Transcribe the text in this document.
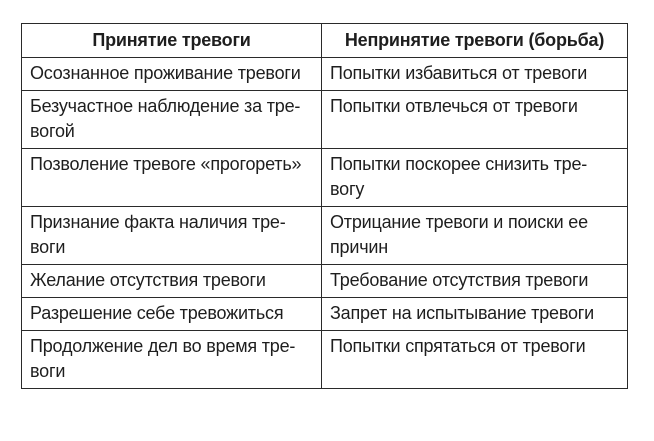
Принятие тревоги	Непринятие тревоги (борьба)

Осознанное проживание тревоги	Попытки избавиться от тревоги

Безучастное наблюдение за тре-
вогой	Попытки отвлечься от тревоги

Позволение тревоге «прогореть»	Попытки поскорее снизить тре-
вогу

Признание факта наличия тре-
воги	Отрицание тревоги и поиски ее
причин

Желание отсутствия тревоги	Требование отсутствия тревоги

Разрешение себе тревожиться	Запрет на испытывание тревоги

Продолжение дел во время тре-
воги	Попытки спрятаться от тревоги
